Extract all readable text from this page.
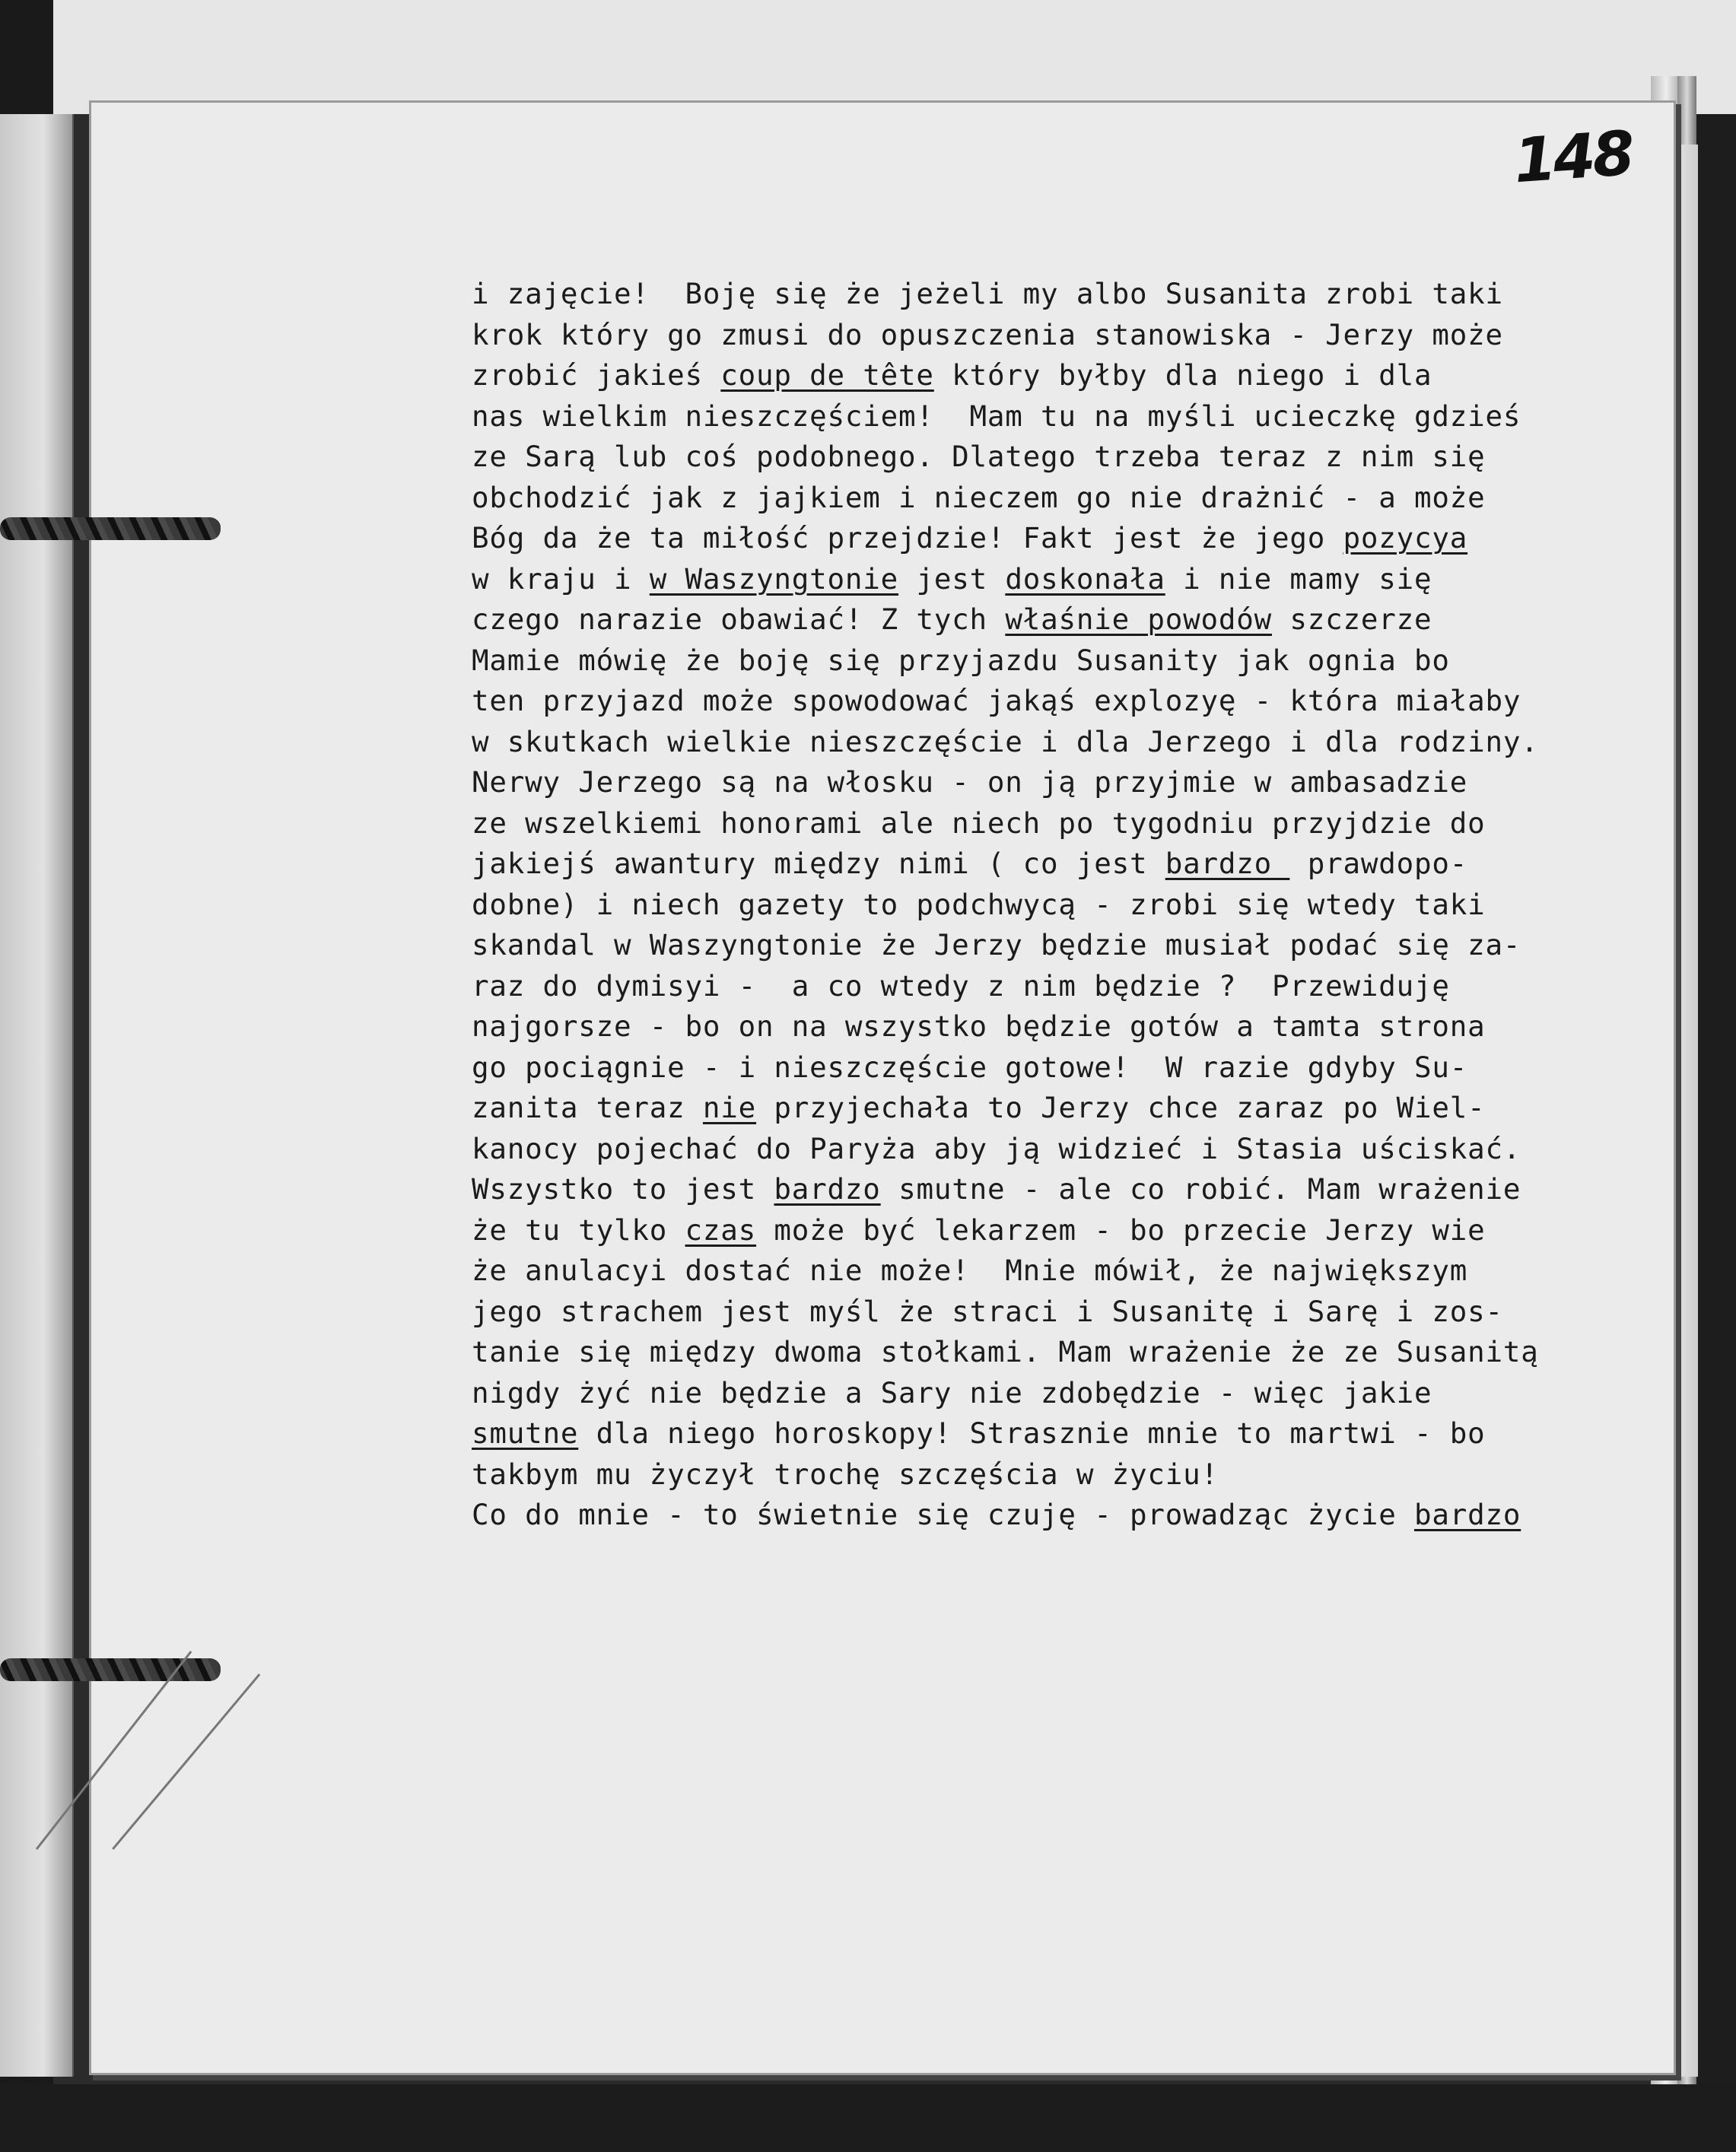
148
i zajęcie!  Boję się że jeżeli my albo Susanita zrobi taki
krok który go zmusi do opuszczenia stanowiska - Jerzy może
zrobić jakieś coup de tête który byłby dla niego i dla
nas wielkim nieszczęściem!  Mam tu na myśli ucieczkę gdzieś
ze Sarą lub coś podobnego. Dlatego trzeba teraz z nim się
obchodzić jak z jajkiem i nieczem go nie drażnić - a może
Bóg da że ta miłość przejdzie! Fakt jest że jego pozycya
w kraju i w Waszyngtonie jest doskonała i nie mamy się
czego narazie obawiać! Z tych właśnie powodów szczerze
Mamie mówię że boję się przyjazdu Susanity jak ognia bo
ten przyjazd może spowodować jakąś explozyę - która miałaby
w skutkach wielkie nieszczęście i dla Jerzego i dla rodziny.
Nerwy Jerzego są na włosku - on ją przyjmie w ambasadzie
ze wszelkiemi honorami ale niech po tygodniu przyjdzie do
jakiejś awantury między nimi ( co jest bardzo  prawdopo-
dobne) i niech gazety to podchwycą - zrobi się wtedy taki
skandal w Waszyngtonie że Jerzy będzie musiał podać się za-
raz do dymisyi -  a co wtedy z nim będzie ?  Przewiduję
najgorsze - bo on na wszystko będzie gotów a tamta strona
go pociągnie - i nieszczęście gotowe!  W razie gdyby Su-
zanita teraz nie przyjechała to Jerzy chce zaraz po Wiel-
kanocy pojechać do Paryża aby ją widzieć i Stasia uściskać.
Wszystko to jest bardzo smutne - ale co robić. Mam wrażenie
że tu tylko czas może być lekarzem - bo przecie Jerzy wie
że anulacyi dostać nie może!  Mnie mówił, że największym
jego strachem jest myśl że straci i Susanitę i Sarę i zos-
tanie się między dwoma stołkami. Mam wrażenie że ze Susanitą
nigdy żyć nie będzie a Sary nie zdobędzie - więc jakie
smutne dla niego horoskopy! Strasznie mnie to martwi - bo
takbym mu życzył trochę szczęścia w życiu!
Co do mnie - to świetnie się czuję - prowadząc życie bardzo
